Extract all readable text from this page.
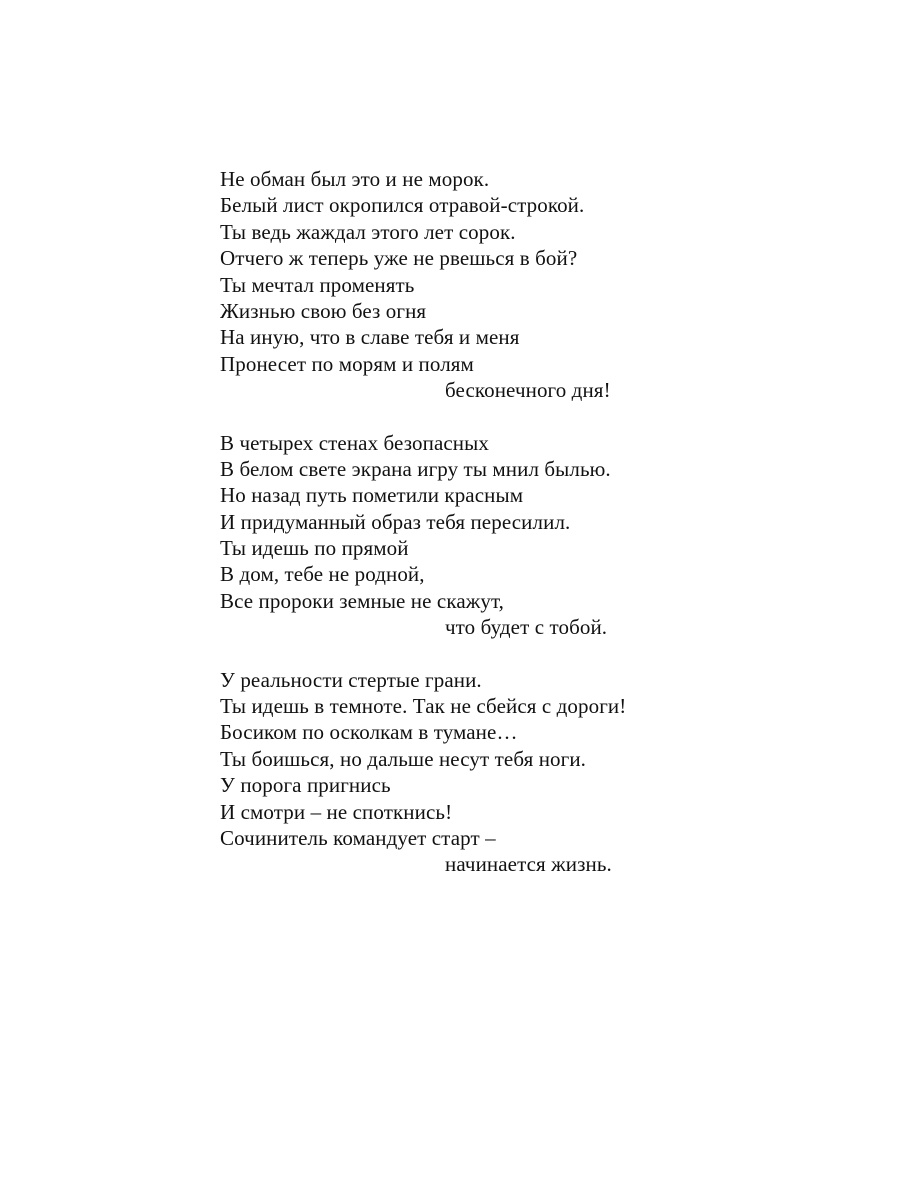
Не обман был это и не морок.
Белый лист окропился отравой-строкой.
Ты ведь жаждал этого лет сорок.
Отчего ж теперь уже не рвешься в бой?
Ты мечтал променять
Жизнью свою без огня
На иную, что в славе тебя и меня
Пронесет по морям и полям
бесконечного дня!
В четырех стенах безопасных
В белом свете экрана игру ты мнил былью.
Но назад путь пометили красным
И придуманный образ тебя пересилил.
Ты идешь по прямой
В дом, тебе не родной,
Все пророки земные не скажут,
что будет с тобой.
У реальности стертые грани.
Ты идешь в темноте. Так не сбейся с дороги!
Босиком по осколкам в тумане…
Ты боишься, но дальше несут тебя ноги.
У порога пригнись
И смотри – не споткнись!
Сочинитель командует старт –
начинается жизнь.
